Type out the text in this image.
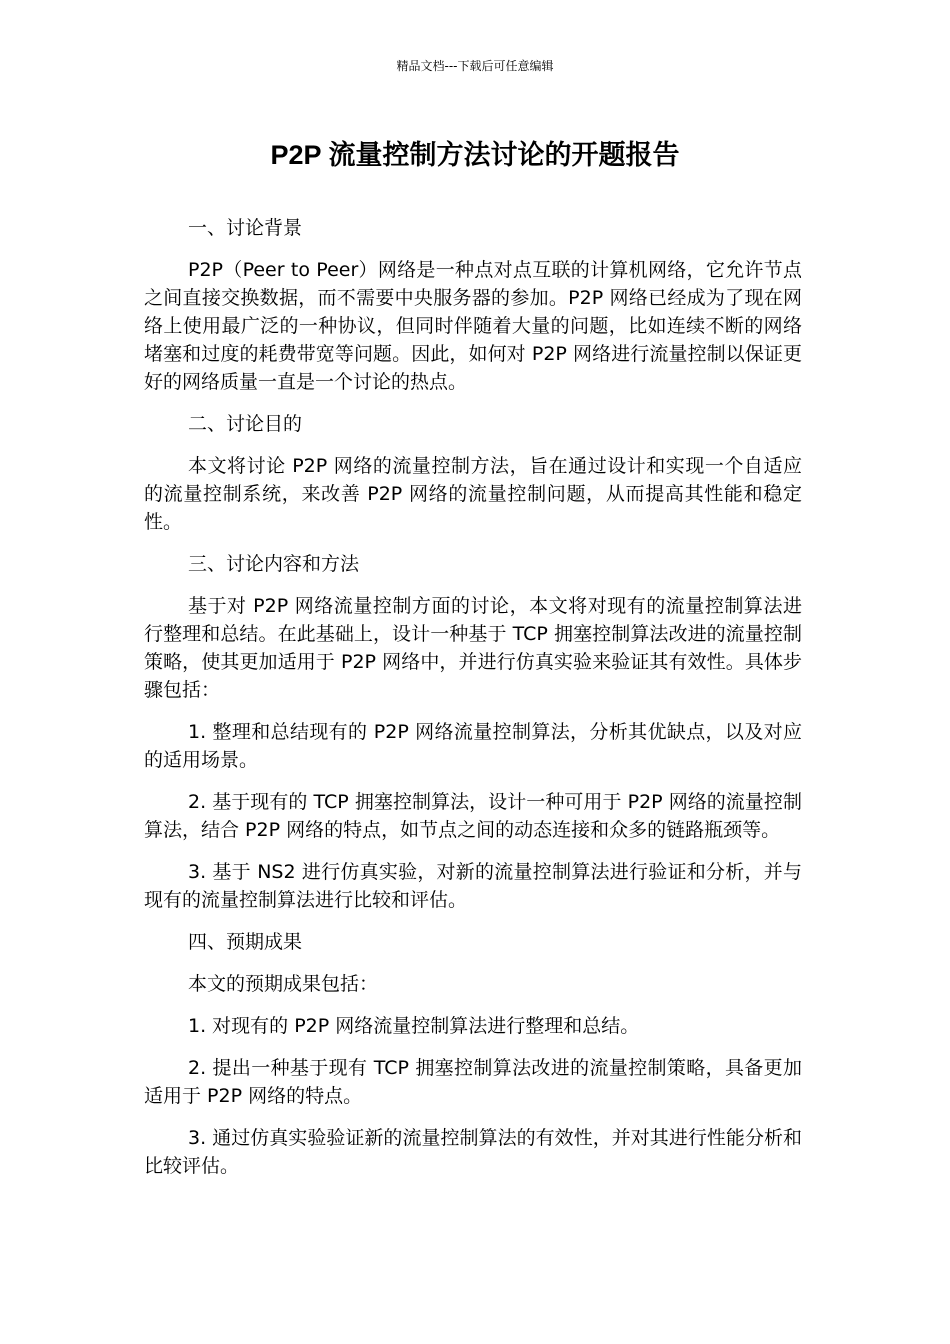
精品文档---下载后可任意编辑
P2P 流量控制方法讨论的开题报告
一、讨论背景

P2P（Peer to Peer）网络是一种点对点互联的计算机网络，它允许节点之间直接交换数据，而不需要中央服务器的参加。P2P 网络已经成为了现在网络上使用最广泛的一种协议，但同时伴随着大量的问题，比如连续不断的网络堵塞和过度的耗费带宽等问题。因此，如何对 P2P 网络进行流量控制以保证更好的网络质量一直是一个讨论的热点。

二、讨论目的

本文将讨论 P2P 网络的流量控制方法，旨在通过设计和实现一个自适应的流量控制系统，来改善 P2P 网络的流量控制问题，从而提高其性能和稳定性。

三、讨论内容和方法

基于对 P2P 网络流量控制方面的讨论，本文将对现有的流量控制算法进行整理和总结。在此基础上，设计一种基于 TCP 拥塞控制算法改进的流量控制策略，使其更加适用于 P2P 网络中，并进行仿真实验来验证其有效性。具体步骤包括：

1. 整理和总结现有的 P2P 网络流量控制算法，分析其优缺点，以及对应的适用场景。

2. 基于现有的 TCP 拥塞控制算法，设计一种可用于 P2P 网络的流量控制算法，结合 P2P 网络的特点，如节点之间的动态连接和众多的链路瓶颈等。

3. 基于 NS2 进行仿真实验，对新的流量控制算法进行验证和分析，并与现有的流量控制算法进行比较和评估。

四、预期成果

本文的预期成果包括：

1. 对现有的 P2P 网络流量控制算法进行整理和总结。

2. 提出一种基于现有 TCP 拥塞控制算法改进的流量控制策略，具备更加适用于 P2P 网络的特点。

3. 通过仿真实验验证新的流量控制算法的有效性，并对其进行性能分析和比较评估。
